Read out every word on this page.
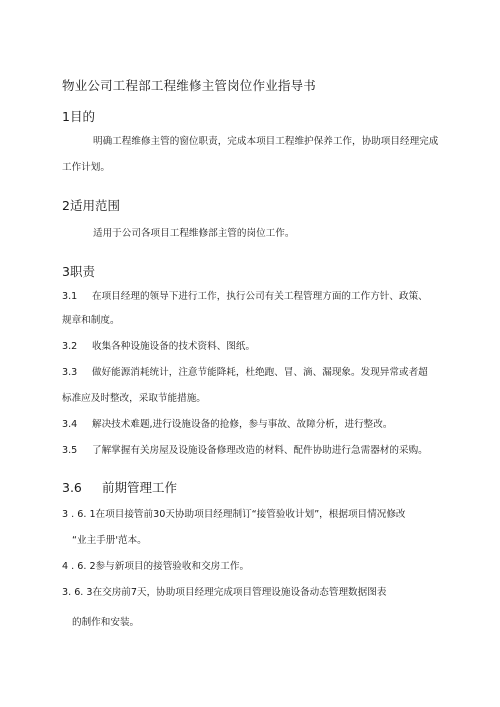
物业公司工程部工程维修主管岗位作业指导书
1目的
明确工程维修主管的窗位职责，完成本项目工程维护保养工作，协助项目经理完成
工作计划。
2适用范围
适用于公司各项目工程维修部主管的岗位工作。
3职责
3.1 在项目经理的领导下进行工作，执行公司有关工程管理方面的工作方针、政策、
规章和制度。
3.2 收集各种设施设备的技术资料、图纸。
3.3 做好能源消耗统计，注意节能降耗，杜绝跑、冒、滴、漏现象。发现异常或者超
标准应及时整改，采取节能措施。
3.4 解决技术难题,进行设施设备的抢修，参与事故、故障分析，进行整改。
3.5 了解掌握有关房屋及设施设备修理改造的材料、配件协助进行急需器材的采购。
3.6 前期管理工作
3 . 6. 1在项目接管前30天协助项目经理制订“接管验收计划”，根据项目情况修改
“业主手册'范本。
4 . 6. 2参与新项目的接管验收和交房工作。
3. 6. 3在交房前7天，协助项目经理完成项目管理设施设备动态管理数据图表
的制作和安装。
